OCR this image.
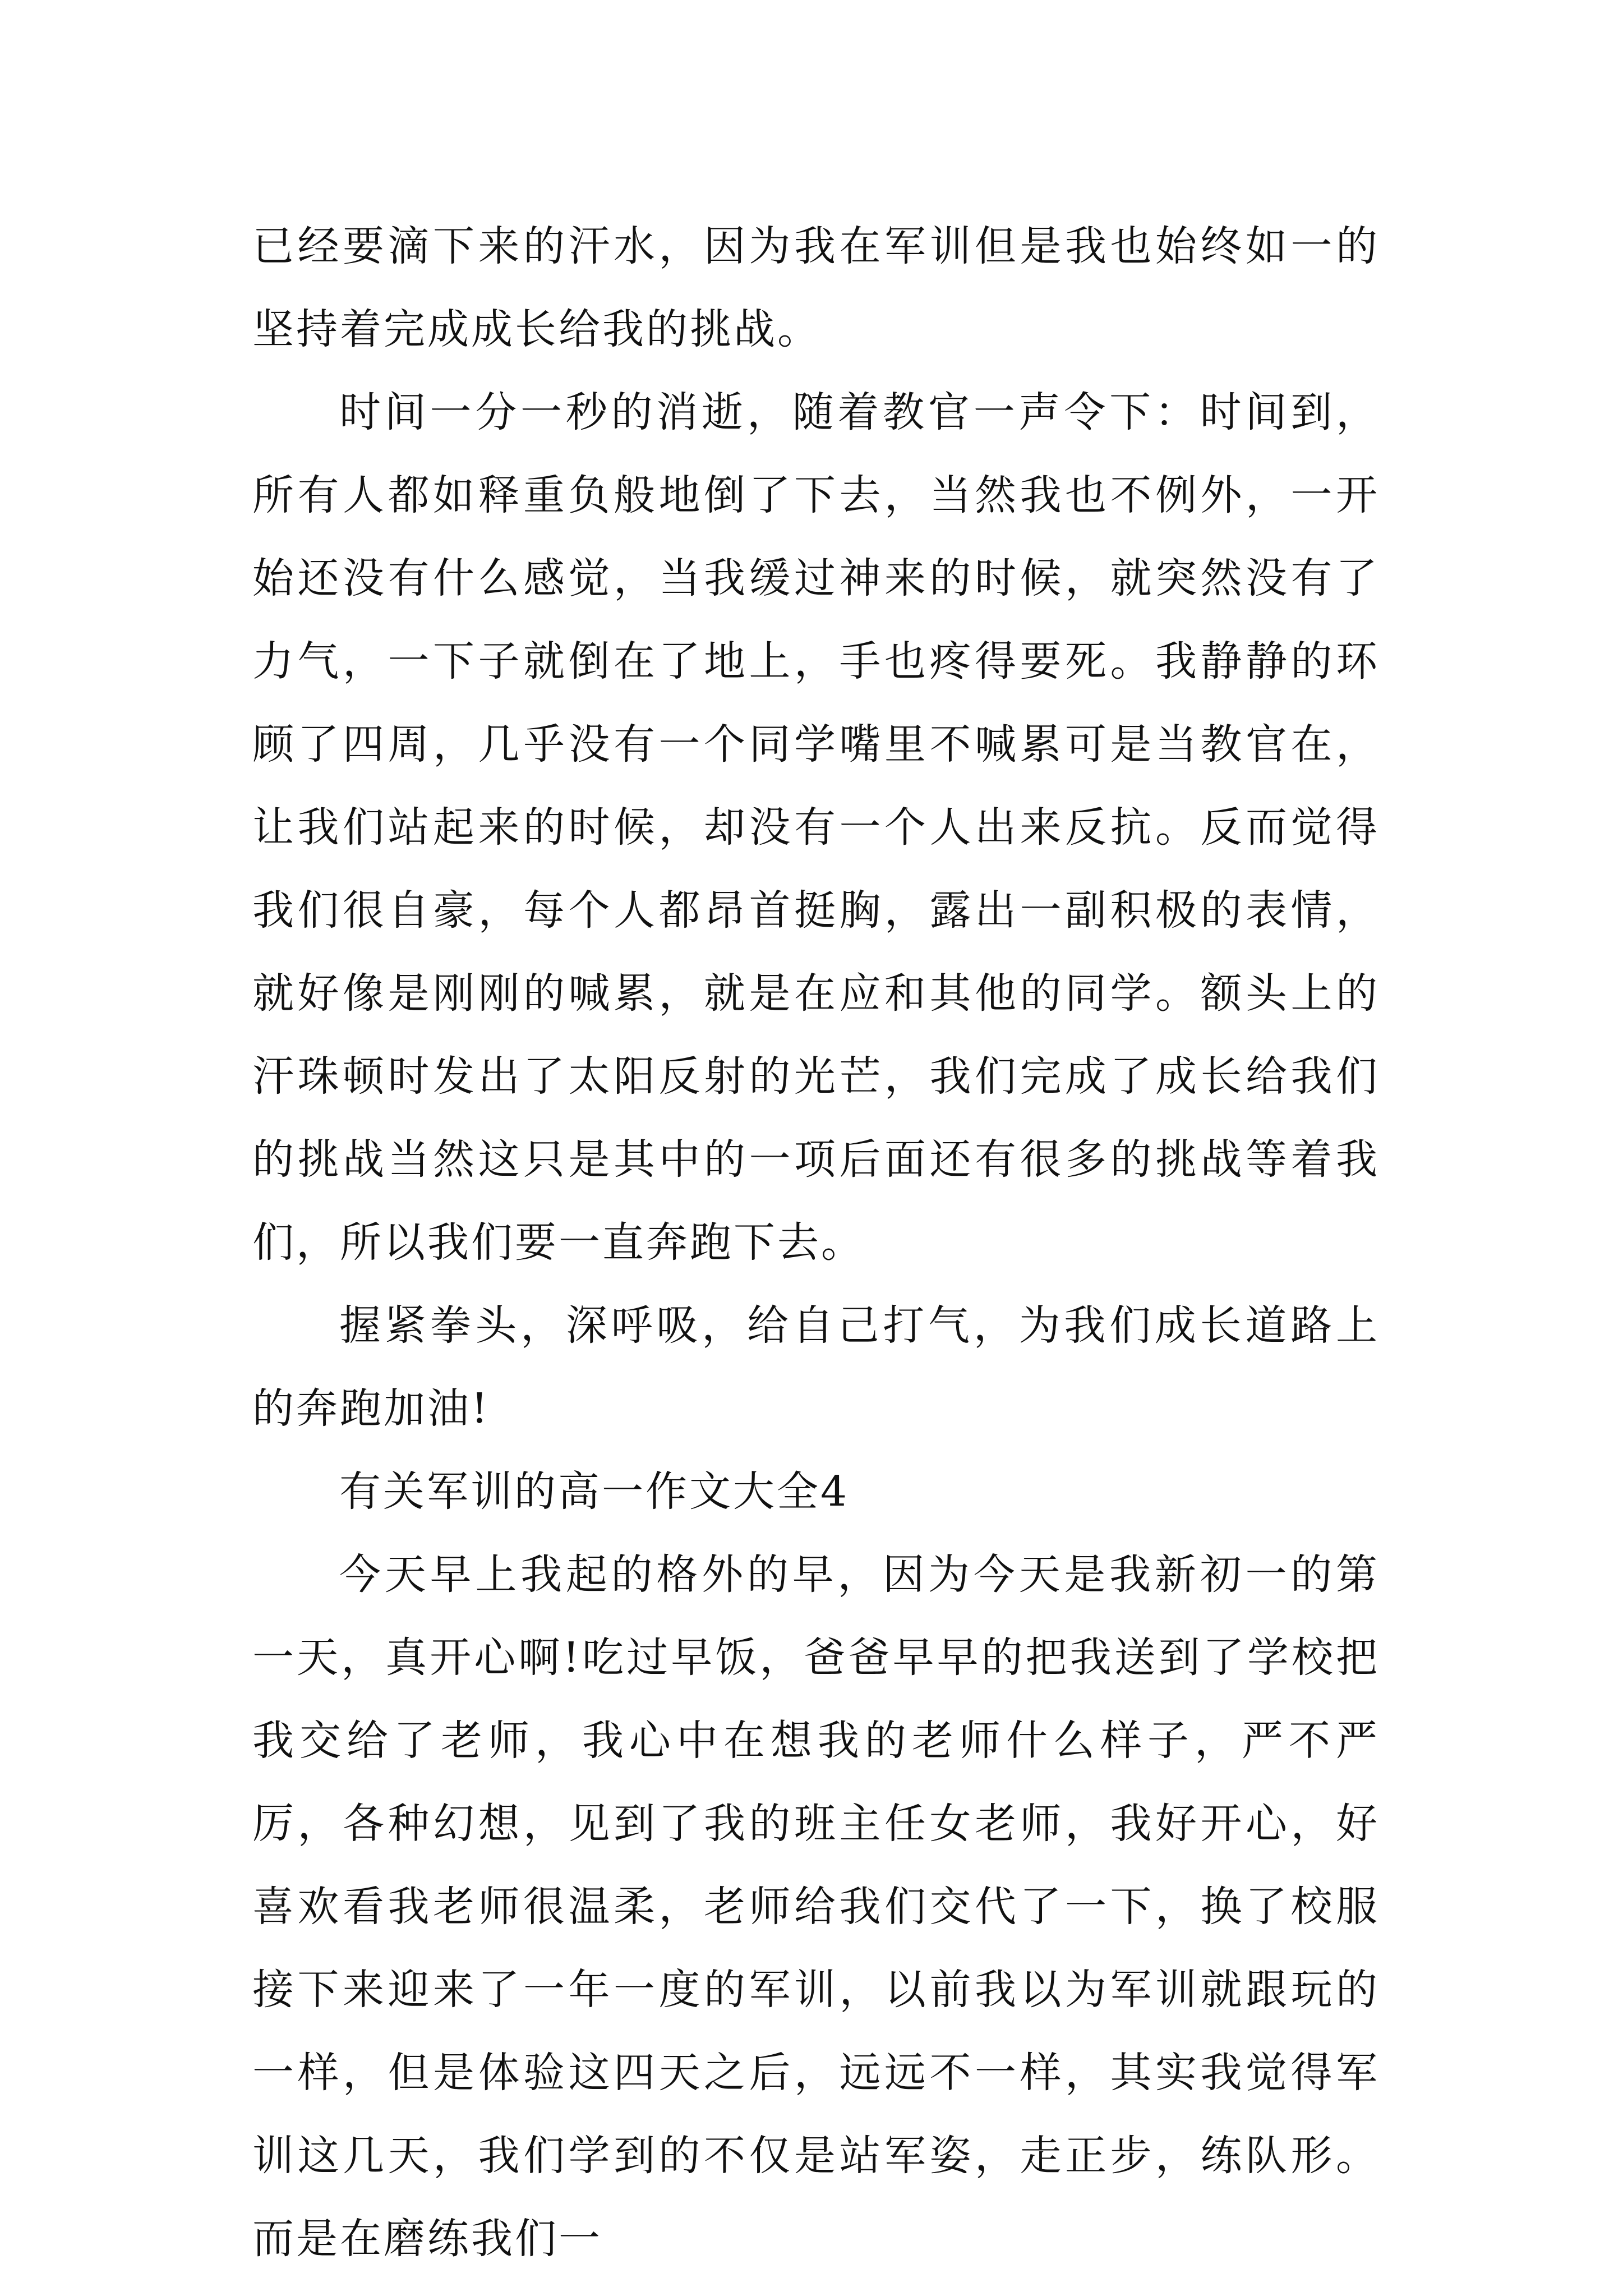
已经要滴下来的汗水，因为我在军训但是我也始终如一的坚持着完成成长给我的挑战。

时间一分一秒的消逝，随着教官一声令下：时间到，所有人都如释重负般地倒了下去，当然我也不例外，一开始还没有什么感觉，当我缓过神来的时候，就突然没有了力气，一下子就倒在了地上，手也疼得要死。我静静的环顾了四周，几乎没有一个同学嘴里不喊累可是当教官在，让我们站起来的时候，却没有一个人出来反抗。反而觉得我们很自豪，每个人都昂首挺胸，露出一副积极的表情，就好像是刚刚的喊累，就是在应和其他的同学。额头上的汗珠顿时发出了太阳反射的光芒，我们完成了成长给我们的挑战当然这只是其中的一项后面还有很多的挑战等着我们，所以我们要一直奔跑下去。

握紧拳头，深呼吸，给自己打气，为我们成长道路上的奔跑加油!

有关军训的高一作文大全4

今天早上我起的格外的早，因为今天是我新初一的第一天，真开心啊!吃过早饭，爸爸早早的把我送到了学校把我交给了老师，我心中在想我的老师什么样子，严不严厉，各种幻想，见到了我的班主任女老师，我好开心，好喜欢看我老师很温柔，老师给我们交代了一下，换了校服接下来迎来了一年一度的军训，以前我以为军训就跟玩的一样，但是体验这四天之后，远远不一样，其实我觉得军训这几天，我们学到的不仅是站军姿，走正步，练队形。而是在磨练我们一
